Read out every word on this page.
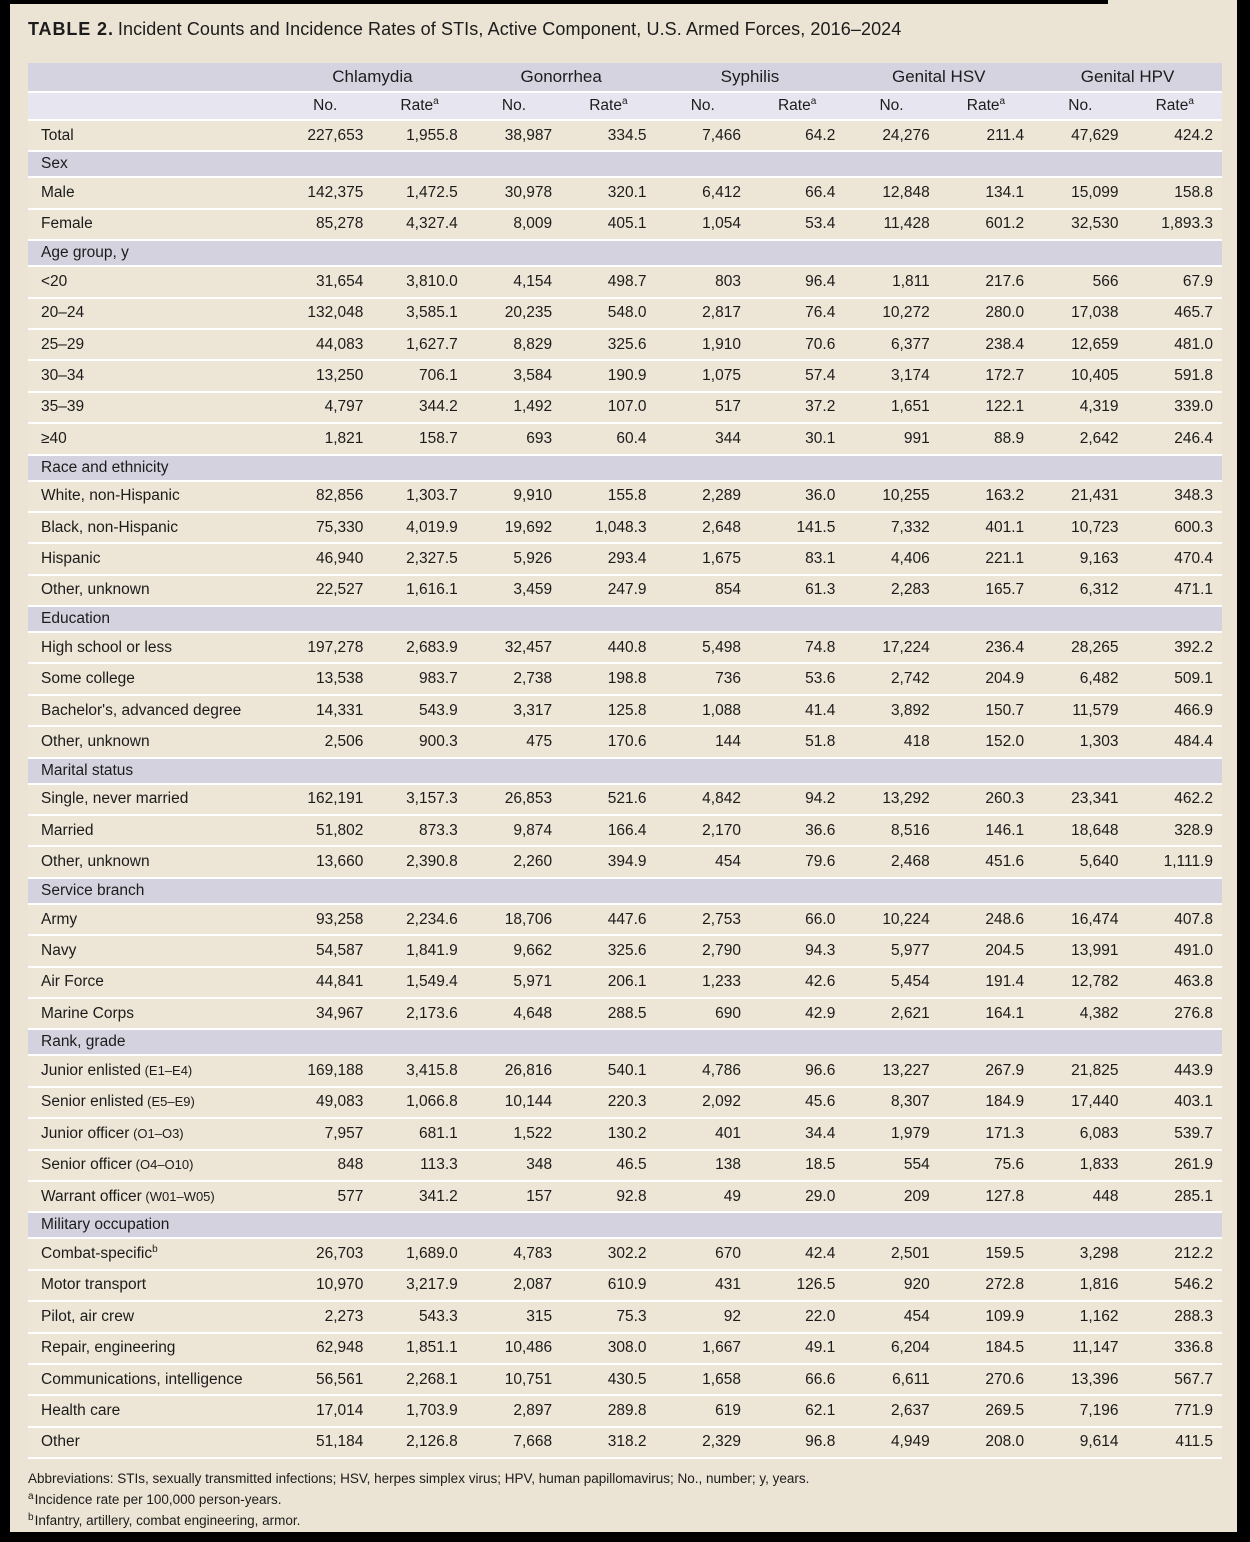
TABLE 2. Incident Counts and Incidence Rates of STIs, Active Component, U.S. Armed Forces, 2016–2024
	Chlamydia		Gonorrhea		Syphilis		Genital HSV		Genital HPV	
	No.	Rate$^a$	No.	Rate$^a$	No.	Rate$^a$	No.	Rate$^a$	No.	Rate$^a$
Total	227,653	1,955.8	38,987	334.5	7,466	64.2	24,276	211.4	47,629	424.2
Sex										
Male	142,375	1,472.5	30,978	320.1	6,412	66.4	12,848	134.1	15,099	158.8
Female	85,278	4,327.4	8,009	405.1	1,054	53.4	11,428	601.2	32,530	1,893.3
Age group, y										
<20	31,654	3,810.0	4,154	498.7	803	96.4	1,811	217.6	566	67.9
20–24	132,048	3,585.1	20,235	548.0	2,817	76.4	10,272	280.0	17,038	465.7
25–29	44,083	1,627.7	8,829	325.6	1,910	70.6	6,377	238.4	12,659	481.0
30–34	13,250	706.1	3,584	190.9	1,075	57.4	3,174	172.7	10,405	591.8
35–39	4,797	344.2	1,492	107.0	517	37.2	1,651	122.1	4,319	339.0
≥40	1,821	158.7	693	60.4	344	30.1	991	88.9	2,642	246.4
Race and ethnicity										
White, non-Hispanic	82,856	1,303.7	9,910	155.8	2,289	36.0	10,255	163.2	21,431	348.3
Black, non-Hispanic	75,330	4,019.9	19,692	1,048.3	2,648	141.5	7,332	401.1	10,723	600.3
Hispanic	46,940	2,327.5	5,926	293.4	1,675	83.1	4,406	221.1	9,163	470.4
Other, unknown	22,527	1,616.1	3,459	247.9	854	61.3	2,283	165.7	6,312	471.1
Education										
High school or less	197,278	2,683.9	32,457	440.8	5,498	74.8	17,224	236.4	28,265	392.2
Some college	13,538	983.7	2,738	198.8	736	53.6	2,742	204.9	6,482	509.1
Bachelor's, advanced degree	14,331	543.9	3,317	125.8	1,088	41.4	3,892	150.7	11,579	466.9
Other, unknown	2,506	900.3	475	170.6	144	51.8	418	152.0	1,303	484.4
Marital status										
Single, never married	162,191	3,157.3	26,853	521.6	4,842	94.2	13,292	260.3	23,341	462.2
Married	51,802	873.3	9,874	166.4	2,170	36.6	8,516	146.1	18,648	328.9
Other, unknown	13,660	2,390.8	2,260	394.9	454	79.6	2,468	451.6	5,640	1,111.9
Service branch										
Army	93,258	2,234.6	18,706	447.6	2,753	66.0	10,224	248.6	16,474	407.8
Navy	54,587	1,841.9	9,662	325.6	2,790	94.3	5,977	204.5	13,991	491.0
Air Force	44,841	1,549.4	5,971	206.1	1,233	42.6	5,454	191.4	12,782	463.8
Marine Corps	34,967	2,173.6	4,648	288.5	690	42.9	2,621	164.1	4,382	276.8
Rank, grade										
Junior enlisted (E1–E4)	169,188	3,415.8	26,816	540.1	4,786	96.6	13,227	267.9	21,825	443.9
Senior enlisted (E5–E9)	49,083	1,066.8	10,144	220.3	2,092	45.6	8,307	184.9	17,440	403.1
Junior officer (O1–O3)	7,957	681.1	1,522	130.2	401	34.4	1,979	171.3	6,083	539.7
Senior officer (O4–O10)	848	113.3	348	46.5	138	18.5	554	75.6	1,833	261.9
Warrant officer (W01–W05)	577	341.2	157	92.8	49	29.0	209	127.8	448	285.1
Military occupation										
Combat-specific$^b$	26,703	1,689.0	4,783	302.2	670	42.4	2,501	159.5	3,298	212.2
Motor transport	10,970	3,217.9	2,087	610.9	431	126.5	920	272.8	1,816	546.2
Pilot, air crew	2,273	543.3	315	75.3	92	22.0	454	109.9	1,162	288.3
Repair, engineering	62,948	1,851.1	10,486	308.0	1,667	49.1	6,204	184.5	11,147	336.8
Communications, intelligence	56,561	2,268.1	10,751	430.5	1,658	66.6	6,611	270.6	13,396	567.7
Health care	17,014	1,703.9	2,897	289.8	619	62.1	2,637	269.5	7,196	771.9
Other	51,184	2,126.8	7,668	318.2	2,329	96.8	4,949	208.0	9,614	411.5
Abbreviations: STIs, sexually transmitted infections; HSV, herpes simplex virus; HPV, human papillomavirus; No., number; y, years.
$^a$Incidence rate per 100,000 person-years.
$^b$Infantry, artillery, combat engineering, armor.
